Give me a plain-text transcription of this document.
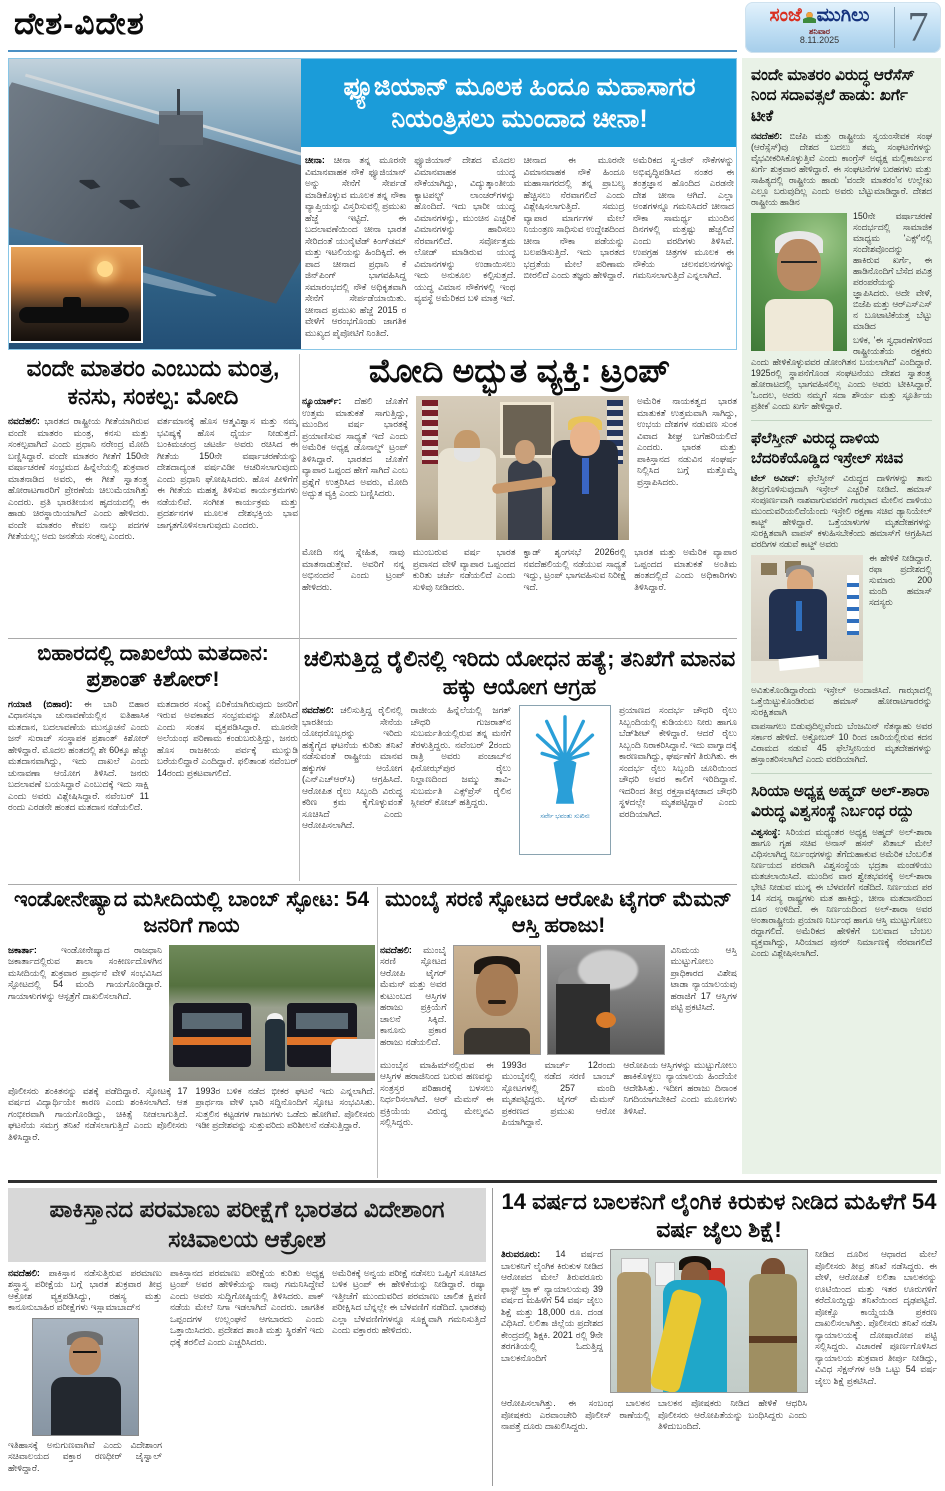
ದೇಶ-ವಿದೇಶ	ಸಂಜೆ ಮುಗಿಲು
ಶನಿವಾರ
8.11.2025	7
ಫ್ಯೂಜಿಯಾನ್ ಮೂಲಕ ಹಿಂದೂ ಮಹಾಸಾಗರ ನಿಯಂತ್ರಿಸಲು ಮುಂದಾದ ಚೀನಾ!
ಚೀನಾ: ಚೀನಾ ತನ್ನ ಮೂರನೇ ವಿಮಾನವಾಹಕ ನೌಕೆ ಫ್ಯೂಜಿಯಾನ್ ಅನ್ನು ಸೇನೆಗೆ ಸೇರ್ಪಡೆ ಮಾಡಿಕೊಳ್ಳುವ ಮೂಲಕ ತನ್ನ ನೌಕಾ ವ್ಯಾಪ್ತಿಯನ್ನು ವಿಸ್ತರಿಸುವಲ್ಲಿ ಪ್ರಮುಖ ಹೆಜ್ಜೆ ಇಟ್ಟಿದೆ. ಈ ಬದಲಾವಣೆಯಿಂದ ಚೀನಾ ಭಾರತ ಸೇರಿದಂತೆ ಯುನೈಟೆಡ್ ಕಿಂಗ್‌ಡಮ್ ಮತ್ತು ಇಟಲಿಯನ್ನು ಹಿಂದಿಕ್ಕಿದೆ. ಈ ಪಾದ ಚೀನಾದ ಪ್ರಧಾನಿ ಕೆ ಜಿನ್‌ಪಿಂಗ್ ಭಾಗವಹಿಸಿದ್ದ ಸಮಾರಂಭದಲ್ಲಿ ನೌಕೆ ಅಧಿಕೃತವಾಗಿ ಸೇನೆಗೆ ಸೇರ್ಪಡೆಯಾಯಿತು. ಚೀನಾದ ಪ್ರಮುಖ ಹೆಜ್ಜೆ 2015 ರ ವೇಳೆಗೆ ಆರಂಭಗೊಂಡು ಜಾಗತಿಕ ಮುಖ್ಯದ ಪೈಪೋಟಿಗೆ ನಿಂತಿದೆ.
ಫ್ಯೂಜಿಯಾನ್ ದೇಶದ ಮೊದಲ ವಿಮಾನವಾಹಕ ಯುದ್ಧ ನೌಕೆಯಾಗಿದ್ದು, ವಿದ್ಯುತ್ಕಾಂತೀಯ ಕ್ಯಾಟಪಲ್ಟ್ ಲಾಂಚರ್‌ಗಳನ್ನು ಹೊಂದಿದೆ. ಇದು ಭಾರೀ ಯುದ್ಧ ವಿಮಾನಗಳನ್ನು, ಮುಂಚಿನ ಎಚ್ಚರಿಕೆ ವಿಮಾನಗಳನ್ನು ಹಾರಿಸಲು ನೆರವಾಗಲಿದೆ. ಸರ್ವೋತ್ತಮ ಲೋಡ್ ಮಾಡಿರುವ ಯುದ್ಧ ವಿಮಾನಗಳನ್ನು ಉಡಾಯಿಸಲು ಇದು ಅನುಕೂಲ ಕಲ್ಪಿಸುತ್ತದೆ. ಯುದ್ಧ ವಿಮಾನ ನೌಕೆಗಳಲ್ಲಿ ಇಂಥ ವ್ಯವಸ್ಥೆ ಅಮೆರಿಕದ ಬಳಿ ಮಾತ್ರ ಇದೆ.
ಚೀನಾದ ಈ ಮೂರನೇ ವಿಮಾನವಾಹಕ ನೌಕೆ ಹಿಂದೂ ಮಹಾಸಾಗರದಲ್ಲಿ ತನ್ನ ಪ್ರಾಬಲ್ಯ ಹೆಚ್ಚಿಸಲು ನೆರವಾಗಲಿದೆ ಎಂದು ವಿಶ್ಲೇಷಿಸಲಾಗುತ್ತಿದೆ. ಸಮುದ್ರ ವ್ಯಾಪಾರ ಮಾರ್ಗಗಳ ಮೇಲೆ ನಿಯಂತ್ರಣ ಸಾಧಿಸುವ ಉದ್ದೇಶದಿಂದ ಚೀನಾ ನೌಕಾ ಪಡೆಯನ್ನು ಬಲಪಡಿಸುತ್ತಿದೆ. ಇದು ಭಾರತದ ಭದ್ರತೆಯ ಮೇಲೆ ಪರಿಣಾಮ ಬೀರಲಿದೆ ಎಂದು ತಜ್ಞರು ಹೇಳಿದ್ದಾರೆ.
ಅಮೆರಿಕದ ಸ್ವ-ಜಿನ್ ನೌಕೆಗಳನ್ನು ಅಭಿವೃದ್ಧಿಪಡಿಸಿದ ನಂತರ ಈ ತಂತ್ರಜ್ಞಾನ ಹೊಂದಿದ ಎರಡನೇ ದೇಶ ಚೀನಾ ಆಗಿದೆ. ಎಲ್ಲಾ ಅಂಶಗಳನ್ನೂ ಗಮನಿಸಿದರೆ ಚೀನಾದ ನೌಕಾ ಸಾಮರ್ಥ್ಯ ಮುಂದಿನ ದಿನಗಳಲ್ಲಿ ಮತ್ತಷ್ಟು ಹೆಚ್ಚಲಿದೆ ಎಂದು ವರದಿಗಳು ತಿಳಿಸಿವೆ. ಉಪಗ್ರಹ ಚಿತ್ರಗಳ ಮೂಲಕ ಈ ನೌಕೆಯ ಚಲನವಲನಗಳನ್ನು ಗಮನಿಸಲಾಗುತ್ತಿದೆ ಎನ್ನಲಾಗಿದೆ.

ವಂದೇ ಮಾತರಂ ವಿರುದ್ಧ ಆರೆಸೆಸ್ ನಿಂದ ಸದಾವತ್ಸಲೆ ಹಾಡು: ಖರ್ಗೆ ಟೀಕೆ

ನವದೆಹಲಿ: ಬಿಜೆಪಿ ಮತ್ತು ರಾಷ್ಟ್ರೀಯ ಸ್ವಯಂಸೇವಕ ಸಂಘ (ಆರೆಸ್ಸೆಸ್)ವು ದೇಶದ ಬದಲು ತಮ್ಮ ಸಂಘಟನೆಗಳನ್ನು ವೈಭವೀಕರಿಸಿಕೊಳ್ಳುತ್ತಿವೆ ಎಂದು ಕಾಂಗ್ರೆಸ್ ಅಧ್ಯಕ್ಷ ಮಲ್ಲಿಕಾರ್ಜುನ ಖರ್ಗೆ ಶುಕ್ರವಾರ ಹೇಳಿದ್ದಾರೆ. ಈ ಸಂಘಟನೆಗಳ ಬರಹಗಳು ಮತ್ತು ಸಾಹಿತ್ಯದಲ್ಲಿ ರಾಷ್ಟ್ರೀಯ ಹಾಡು 'ವಂದೇ ಮಾತರಂ'ನ ಉಲ್ಲೇಖ ಎಲ್ಲೂ ಬರುವುದಿಲ್ಲ ಎಂದು ಅವರು ಬೆಟ್ಟುಮಾಡಿದ್ದಾರೆ. ದೇಶದ ರಾಷ್ಟ್ರೀಯ ಹಾಡಿನ

150ನೇ ವರ್ಷಾಚರಣೆ ಸಂದರ್ಭದಲ್ಲಿ ಸಾಮಾಜಿಕ ಮಾಧ್ಯಮ 'ಎಕ್ಸ್'ನಲ್ಲಿ ಸಂದೇಶವೊಂದನ್ನು ಹಾಕಿರುವ ಖರ್ಗೆ, ಈ ಹಾಡಿನೊಂದಿಗೆ ಬೆಸೆದ ಪವಿತ್ರ ಪರಂಪರೆಯನ್ನು ಜ್ಞಾಪಿಸಿದರು. ಅದೇ ವೇಳೆ, ಬಿಜೆಪಿ ಮತ್ತು ಆರ್‌ಎಸ್‌ಎಸ್ ನ ಬೂಟಾಟಿಕೆಯತ್ತ ಬೆಟ್ಟು ಮಾಡಿದ

ಬಳಿಕ, 'ಈ ಸ್ವಧಾರಣೆಗಳಿಂದ ರಾಷ್ಟ್ರೀಯತೆಯ ರಕ್ಷಕರು ಎಂದು ಹೇಳಿಕೊಳ್ಳುವವರ ಡೋಂಗಿತನ ಬಯಲಾಗಿದೆ' ಎಂದಿದ್ದಾರೆ. 1925ರಲ್ಲಿ ಸ್ಥಾಪನೆಗೊಂಡ ಸಂಘಟನೆಯು ದೇಶದ ಸ್ವಾತಂತ್ರ್ಯ ಹೋರಾಟದಲ್ಲಿ ಭಾಗವಹಿಸಲಿಲ್ಲ ಎಂದು ಅವರು ಟೀಕಿಸಿದ್ದಾರೆ. 'ಒಂದಲ, ಅದರು ನಮ್ಮಗೆ ಸದಾ ಶೌರ್ಯ ಮತ್ತು ಸ್ಫೂರ್ತಿಯ ಪ್ರತೀಕ' ಎಂದು ಖರ್ಗೆ ಹೇಳಿದ್ದಾರೆ.

ಫೆಲೆಸ್ತೀನ್ ವಿರುದ್ಧ ದಾಳಿಯ ಬೆದರಿಕೆಯೊಡ್ಡಿದ ಇಸ್ರೇಲ್ ಸಚಿವ

ಟೆಲ್ ಅವೀವ್: ಫೆಲೆಸ್ತೀನ್ ವಿರುದ್ಧದ ದಾಳಿಗಳನ್ನು ತಾನು ತೀವ್ರಗೊಳಿಸುವುದಾಗಿ ಇಸ್ರೇಲ್ ಎಚ್ಚರಿಕೆ ನೀಡಿದೆ. ಹಮಾಸ್ ಸಂಪೂರ್ಣವಾಗಿ ನಾಶವಾಗುವವರೆಗೆ ಗಾಝಾದ ಮೇಲಿನ ದಾಳಿಯು ಮುಂದುವರಿಯಲಿದೆಯೆಂದು ಇಸ್ರೇಲಿ ರಕ್ಷಣಾ ಸಚಿವ ಡ್ಯಾನಿಯೇಲ್ ಕಾಟ್ಜ್ ಹೇಳಿದ್ದಾರೆ. ಒತ್ತೆಯಾಳುಗಳ ಮೃತದೇಹಗಳನ್ನು ಸುರಕ್ಷಿತವಾಗಿ ವಾಪಸ್ ಕಳುಹಿಸಬೇಕೆಂದು ಹಮಾಸ್‌ಗೆ ಆಗ್ರಹಿಸಿದ ವರದಿಗಳ ನಡುವೆ ಕಾಟ್ಜ್ ಅವರು

ಈ ಹೇಳಿಕೆ ನೀಡಿದ್ದಾರೆ. ರಫಾ ಪ್ರದೇಶದಲ್ಲಿ ಸುಮಾರು 200 ಮಂದಿ ಹಮಾಸ್ ಸದಸ್ಯರು ಅವಿತುಕೊಂಡಿದ್ದಾರೆಂದು ಇಸ್ರೇಲ್ ಅಂದಾಜಿಸಿದೆ. ಗಾಝಾದಲ್ಲಿ ಒತ್ತೆಯಿಟ್ಟುಕೊಂಡಿರುವ ಹಮಾಸ್ ಹೋರಾಟಗಾರರನ್ನು ಸುರಕ್ಷಿತವಾಗಿ

ವಾಪಸಾಗಲು ಬಿಡುವುದಿಲ್ಲವೆಂದು ಬೆಂಜಮಿನ್ ನೆತನ್ಯಾಹು ಅವರ ಸರ್ಕಾರ ಹೇಳಿದೆ. ಅಕ್ಟೋಬರ್ 10 ರಿಂದ ಜಾರಿಯಲ್ಲಿರುವ ಕದನ ವಿರಾಮದ ನಡುವೆ 45 ಫೆಲೆಸ್ತೀನಿಯರ ಮೃತದೇಹಗಳನ್ನು ಹಸ್ತಾಂತರಿಸಲಾಗಿದೆ ಎಂದು ವರದಿಯಾಗಿದೆ.

ಸಿರಿಯಾ ಅಧ್ಯಕ್ಷ ಅಹ್ಮದ್ ಅಲ್-ಶಾರಾ ವಿರುದ್ಧ ವಿಶ್ವಸಂಸ್ಥೆ ನಿರ್ಬಂಧ ರದ್ದು

ವಿಶ್ವಸಂಸ್ಥೆ: ಸಿರಿಯದ ಮಧ್ಯಂತರ ಅಧ್ಯಕ್ಷ ಅಹ್ಮದ್ ಅಲ್-ಶಾರಾ ಹಾಗೂ ಗೃಹ ಸಚಿವ ಅನಾಸ್ ಹಸನ್ ಖಿತಾಬ್ ಮೇಲೆ ವಿಧಿಸಲಾಗಿದ್ದ ನಿರ್ಬಂಧಗಳನ್ನು ತೆಗೆದುಹಾಕುವ ಅಮೆರಿಕ ಬೆಂಬಲಿತ ನಿರ್ಣಯದ ಪರವಾಗಿ ವಿಶ್ವಸಂಸ್ಥೆಯ ಭದ್ರತಾ ಮಂಡಳಿಯು ಮತಚಲಾಯಿಸಿದೆ. ಮುಂದಿನ ವಾರ ಶ್ವೇತಭವನಕ್ಕೆ ಅಲ್-ಶಾರಾ ಭೇಟಿ ನೀಡುವ ಮುನ್ನ ಈ ಬೆಳವಣಿಗೆ ನಡೆದಿದೆ. ನಿರ್ಣಯದ ಪರ 14 ಸದಸ್ಯ ರಾಷ್ಟ್ರಗಳು ಮತ ಹಾಕಿದ್ದು, ಚೀನಾ ಮತದಾನದಿಂದ ದೂರ ಉಳಿದಿದೆ. ಈ ನಿರ್ಣಯದಿಂದ ಅಲ್-ಶಾರಾ ಅವರ ಅಂತಾರಾಷ್ಟ್ರೀಯ ಪ್ರಯಾಣ ನಿರ್ಬಂಧ ಹಾಗೂ ಆಸ್ತಿ ಮುಟ್ಟುಗೋಲು ರದ್ದಾಗಲಿದೆ. ಅಮೆರಿಕದ ಹೇಳಿಕೆಗೆ ಬಲವಾದ ಬೆಂಬಲ ವ್ಯಕ್ತವಾಗಿದ್ದು, ಸಿರಿಯಾದ ಪುನರ್ ನಿರ್ಮಾಣಕ್ಕೆ ನೆರವಾಗಲಿದೆ ಎಂದು ವಿಶ್ಲೇಷಿಸಲಾಗಿದೆ.

ವಂದೇ ಮಾತರಂ ಎಂಬುದು ಮಂತ್ರ, ಕನಸು, ಸಂಕಲ್ಪ: ಮೋದಿ
ನವದೆಹಲಿ: ಭಾರತದ ರಾಷ್ಟ್ರೀಯ ಗೀತೆಯಾಗಿರುವ ವಂದೇ ಮಾತರಂ ಮಂತ್ರ, ಕನಸು ಮತ್ತು ಸಂಕಲ್ಪವಾಗಿದೆ ಎಂದು ಪ್ರಧಾನಿ ನರೇಂದ್ರ ಮೋದಿ ಬಣ್ಣಿಸಿದ್ದಾರೆ. ವಂದೇ ಮಾತರಂ ಗೀತೆಗೆ 150ನೇ ವರ್ಷಾಚರಣೆ ಸಂಭ್ರಮದ ಹಿನ್ನೆಲೆಯಲ್ಲಿ ಶುಕ್ರವಾರ ಮಾತನಾಡಿದ ಅವರು, ಈ ಗೀತೆ ಸ್ವಾತಂತ್ರ್ಯ ಹೋರಾಟಗಾರರಿಗೆ ಪ್ರೇರಣೆಯ ಚಿಲುಮೆಯಾಗಿತ್ತು ಎಂದರು. ಪ್ರತಿ ಭಾರತೀಯನ ಹೃದಯದಲ್ಲಿ ಈ ಹಾಡು ಚಿರಸ್ಥಾಯಿಯಾಗಿದೆ ಎಂದು ಹೇಳಿದರು. ವಂದೇ ಮಾತರಂ ಕೇವಲ ನಾಲ್ಕು ಪದಗಳ ಗೀತೆಯಲ್ಲ; ಅದು ಜನತೆಯ ಸಂಕಲ್ಪ ಎಂದರು.
ವರ್ತಮಾನಕ್ಕೆ ಹೊಸ ಆತ್ಮವಿಶ್ವಾಸ ಮತ್ತು ನಮ್ಮ ಭವಿಷ್ಯಕ್ಕೆ ಹೊಸ ಧೈರ್ಯ ನೀಡುತ್ತದೆ. ಬಂಕಿಮಚಂದ್ರ ಚಟರ್ಜಿ ಅವರು ರಚಿಸಿದ ಈ ಗೀತೆಯ 150ನೇ ವರ್ಷಾಚರಣೆಯನ್ನು ದೇಶದಾದ್ಯಂತ ವರ್ಷವಿಡೀ ಆಚರಿಸಲಾಗುವುದು ಎಂದು ಪ್ರಧಾನಿ ಘೋಷಿಸಿದರು. ಹೊಸ ಪೀಳಿಗೆಗೆ ಈ ಗೀತೆಯ ಮಹತ್ವ ತಿಳಿಸುವ ಕಾರ್ಯಕ್ರಮಗಳು ನಡೆಯಲಿವೆ. ಸಂಗೀತ ಕಾರ್ಯಕ್ರಮ ಮತ್ತು ಪ್ರದರ್ಶನಗಳ ಮೂಲಕ ದೇಶಭಕ್ತಿಯ ಭಾವ ಜಾಗೃತಗೊಳಿಸಲಾಗುವುದು ಎಂದರು.
ಮೋದಿ ಅದ್ಭುತ ವ್ಯಕ್ತಿ: ಟ್ರಂಪ್
ನ್ಯೂಯಾರ್ಕ್: ದೆಹಲಿ ಜೊತೆಗೆ ಉತ್ತಮ ಮಾತುಕತೆ ಸಾಗುತ್ತಿದ್ದು, ಮುಂದಿನ ವರ್ಷ ಭಾರತಕ್ಕೆ ಪ್ರಯಾಣಿಸುವ ಸಾಧ್ಯತೆ ಇದೆ ಎಂದು ಅಮೆರಿಕ ಅಧ್ಯಕ್ಷ ಡೊನಾಲ್ಡ್ ಟ್ರಂಪ್ ತಿಳಿಸಿದ್ದಾರೆ. ಭಾರತದ ಜೊತೆಗೆ ವ್ಯಾಪಾರ ಒಪ್ಪಂದ ಹೇಗೆ ಸಾಗಿದೆ ಎಂಬ ಪ್ರಶ್ನೆಗೆ ಉತ್ತರಿಸಿದ ಅವರು, ಮೋದಿ ಅದ್ಭುತ ವ್ಯಕ್ತಿ ಎಂದು ಬಣ್ಣಿಸಿದರು.
ಅಮೆರಿಕ ನಾಯಕತ್ವದ ಭಾರತ ಮಾತುಕತೆ ಉತ್ತಮವಾಗಿ ಸಾಗಿದ್ದು, ಉಭಯ ದೇಶಗಳ ನಡುವಣ ಸುಂಕ ವಿವಾದ ಶೀಘ್ರ ಬಗೆಹರಿಯಲಿದೆ ಎಂದರು. ಭಾರತ ಮತ್ತು ಪಾಕಿಸ್ತಾನದ ನಡುವಿನ ಸಂಘರ್ಷ ನಿಲ್ಲಿಸಿದ ಬಗ್ಗೆ ಮತ್ತೊಮ್ಮೆ ಪ್ರಸ್ತಾಪಿಸಿದರು.
ಮೋದಿ ನನ್ನ ಸ್ನೇಹಿತ, ನಾವು ಮಾತನಾಡುತ್ತೇವೆ. ಅವರಿಗೆ ನನ್ನ ಅಭಿನಂದನೆ ಎಂದು ಟ್ರಂಪ್ ಹೇಳಿದರು.
ಮುಂಬರುವ ವರ್ಷ ಭಾರತ ಪ್ರವಾಸದ ವೇಳೆ ವ್ಯಾಪಾರ ಒಪ್ಪಂದದ ಕುರಿತು ಚರ್ಚೆ ನಡೆಯಲಿದೆ ಎಂದು ಸುಳಿವು ನೀಡಿದರು.
ಕ್ವಾಡ್ ಶೃಂಗಸಭೆ 2026ರಲ್ಲಿ ನವದೆಹಲಿಯಲ್ಲಿ ನಡೆಯುವ ಸಾಧ್ಯತೆ ಇದ್ದು, ಟ್ರಂಪ್ ಭಾಗವಹಿಸುವ ನಿರೀಕ್ಷೆ ಇದೆ.
ಭಾರತ ಮತ್ತು ಅಮೆರಿಕ ವ್ಯಾಪಾರ ಒಪ್ಪಂದದ ಮಾತುಕತೆ ಅಂತಿಮ ಹಂತದಲ್ಲಿದೆ ಎಂದು ಅಧಿಕಾರಿಗಳು ತಿಳಿಸಿದ್ದಾರೆ.
ಬಿಹಾರದಲ್ಲಿ ದಾಖಲೆಯ ಮತದಾನ: ಪ್ರಶಾಂತ್ ಕಿಶೋರ್!
ಗಯಾಜಿ (ಬಿಹಾರ): ಈ ಬಾರಿ ಬಿಹಾರ ವಿಧಾನಸಭಾ ಚುನಾವಣೆಯಲ್ಲಿನ ಐತಿಹಾಸಿಕ ಮತದಾನ, ಬದಲಾವಣೆಯ ಮುನ್ಸೂಚನೆ ಎಂದು ಜನ್ ಸುರಾಜ್ ಸಂಸ್ಥಾಪಕ ಪ್ರಶಾಂತ್ ಕಿಶೋರ್ ಹೇಳಿದ್ದಾರೆ. ಮೊದಲ ಹಂತದಲ್ಲಿ ಶೇ 60ಕ್ಕೂ ಹೆಚ್ಚು ಮತದಾನವಾಗಿದ್ದು, ಇದು ದಾಖಲೆ ಎಂದು ಚುನಾವಣಾ ಆಯೋಗ ತಿಳಿಸಿದೆ. ಜನರು ಬದಲಾವಣೆ ಬಯಸಿದ್ದಾರೆ ಎಂಬುದಕ್ಕೆ ಇದು ಸಾಕ್ಷಿ ಎಂದು ಅವರು ವಿಶ್ಲೇಷಿಸಿದ್ದಾರೆ. ನವೆಂಬರ್ 11 ರಂದು ಎರಡನೇ ಹಂತದ ಮತದಾನ ನಡೆಯಲಿದೆ.
ಮತದಾರರ ಸಂಖ್ಯೆ ಏರಿಕೆಯಾಗಿರುವುದು ಜನರಿಗೆ ಇರುವ ಅವಕಾಶದ ಸಂಭ್ರಮವನ್ನು ತೋರಿಸಿದೆ ಎಂದು ಸಂತಸ ವ್ಯಕ್ತಪಡಿಸಿದ್ದಾರೆ. ಮೂರನೇ ಅಲೆಯಂಥ ಪರಿಣಾಮ ಕಂಡುಬರುತ್ತಿದ್ದು, ಜನರು ಹೊಸ ರಾಜಕೀಯ ಪರ್ವಕ್ಕೆ ಮುನ್ನುಡಿ ಬರೆಯಲಿದ್ದಾರೆ ಎಂದಿದ್ದಾರೆ. ಫಲಿತಾಂಶ ನವೆಂಬರ್ 14ರಂದು ಪ್ರಕಟವಾಗಲಿದೆ.
ಚಲಿಸುತ್ತಿದ್ದ ರೈಲಿನಲ್ಲಿ ಇರಿದು ಯೋಧನ ಹತ್ಯೆ; ತನಿಖೆಗೆ ಮಾನವ ಹಕ್ಕು ಆಯೋಗ ಆಗ್ರಹ
ನವದೆಹಲಿ: ಚಲಿಸುತ್ತಿದ್ದ ರೈಲಿನಲ್ಲಿ ಭಾರತೀಯ ಸೇನೆಯ ಯೋಧರೊಬ್ಬರನ್ನು ಇರಿದು ಹತ್ಯೆಗೈದ ಘಟನೆಯ ಕುರಿತು ತನಿಖೆ ನಡೆಸುವಂತೆ ರಾಷ್ಟ್ರೀಯ ಮಾನವ ಹಕ್ಕುಗಳ ಆಯೋಗ (ಎನ್‌ಎಚ್‌ಆರ್‌ಸಿ) ಆಗ್ರಹಿಸಿದೆ. ಆರೋಪಿತ ರೈಲು ಸಿಬ್ಬಂದಿ ವಿರುದ್ಧ ಕಠಿಣ ಕ್ರಮ ಕೈಗೊಳ್ಳುವಂತೆ ಸೂಚಿಸಿದೆ ಎಂದು ಆರೋಪಿಸಲಾಗಿದೆ.
ರಾಜೀಯ ಹಿನ್ನೆಲೆಯಲ್ಲಿ ಜಗತ್ ಚೌಧರಿ ಗುಜರಾತ್‌ನ ಸುಬರ್ಮತಿಯಲ್ಲಿರುವ ತನ್ನ ಮನೆಗೆ ತೆರಳುತ್ತಿದ್ದರು. ನವೆಂಬರ್ 2ರಂದು ರಾತ್ರಿ ಅವರು ಪಂಜಾಬ್‌ನ ಫಿರೋಝ್‌ಪುರ ರೈಲು ನಿಲ್ದಾಣದಿಂದ ಜಮ್ಮು ತಾವಿ-ಸುಬರ್ಮತಿ ಎಕ್ಸ್‌ಪ್ರೆಸ್ ರೈಲಿನ ಸ್ಲೀಪರ್ ಕೋಚ್ ಹತ್ತಿದ್ದರು.
ಸರ್ವೇ ಭವಂತು ಸುಖಿನಃ
ಪ್ರಯಾಣದ ಸಂದರ್ಭ ಚೌಧರಿ ರೈಲು ಸಿಬ್ಬಂದಿಯಲ್ಲಿ ಕುಡಿಯಲು ನೀರು ಹಾಗೂ ಬೆಡ್‌ಶೀಟ್ ಕೇಳಿದ್ದಾರೆ. ಆದರೆ ರೈಲು ಸಿಬ್ಬಂದಿ ನಿರಾಕರಿಸಿದ್ದಾನೆ. ಇದು ವಾಗ್ವಾದಕ್ಕೆ ಕಾರಣವಾಗಿದ್ದು, ಘರ್ಷಣೆಗೆ ತಿರುಗಿತು. ಈ ಸಂದರ್ಭ ರೈಲು ಸಿಬ್ಬಂದಿ ಚೂರಿಯಿಂದ ಚೌಧರಿ ಅವರ ಕಾಲಿಗೆ ಇರಿದಿದ್ದಾನೆ. ಇದರಿಂದ ತೀವ್ರ ರಕ್ತಸ್ರಾವಕ್ಕೀಡಾದ ಚೌಧರಿ ಸ್ಥಳದಲ್ಲೇ ಮೃತಪಟ್ಟಿದ್ದಾರೆ ಎಂದು ವರದಿಯಾಗಿದೆ.
ಇಂಡೋನೇಷ್ಯಾದ ಮಸೀದಿಯಲ್ಲಿ ಬಾಂಬ್ ಸ್ಫೋಟ: 54 ಜನರಿಗೆ ಗಾಯ
ಜಕಾರ್ತಾ:	ಇಂಡೋನೇಷ್ಯಾದ ರಾಜಧಾನಿ ಜಕಾರ್ತಾದಲ್ಲಿರುವ ಶಾಲಾ ಸಂಕೀರ್ಣದೊಳಗಿನ ಮಸೀದಿಯಲ್ಲಿ ಶುಕ್ರವಾರ ಪ್ರಾರ್ಥನೆ ವೇಳೆ ಸಂಭವಿಸಿದ ಸ್ಫೋಟದಲ್ಲಿ 54 ಮಂದಿ ಗಾಯಗೊಂಡಿದ್ದಾರೆ. ಗಾಯಾಳುಗಳನ್ನು ಆಸ್ಪತ್ರೆಗೆ ದಾಖಲಿಸಲಾಗಿದೆ.
ಪೊಲೀಸರು ಶಂಕಿತನನ್ನು ವಶಕ್ಕೆ ಪಡೆದಿದ್ದಾರೆ. ಸ್ಫೋಟಕ್ಕೆ 17 ವರ್ಷದ ವಿದ್ಯಾರ್ಥಿಯೇ ಕಾರಣ ಎಂದು ಶಂಕಿಸಲಾಗಿದೆ. ಆತ ಗಂಭೀರವಾಗಿ ಗಾಯಗೊಂಡಿದ್ದು, ಚಿಕಿತ್ಸೆ ನೀಡಲಾಗುತ್ತಿದೆ. ಘಟನೆಯ ಸಮಗ್ರ ತನಿಖೆ ನಡೆಸಲಾಗುತ್ತಿದೆ ಎಂದು ಪೊಲೀಸರು ತಿಳಿಸಿದ್ದಾರೆ.
1993ರ ಬಳಿಕ ನಡೆದ ಭೀಕರ ಘಟನೆ ಇದು ಎನ್ನಲಾಗಿದೆ. ಪ್ರಾರ್ಥನಾ ವೇಳೆ ಭಾರಿ ಸದ್ದಿನೊಂದಿಗೆ ಸ್ಫೋಟ ಸಂಭವಿಸಿತು. ಸುತ್ತಲಿನ ಕಟ್ಟಡಗಳ ಗಾಜುಗಳು ಒಡೆದು ಹೋಗಿವೆ. ಪೊಲೀಸರು ಇಡೀ ಪ್ರದೇಶವನ್ನು ಸುತ್ತುವರಿದು ಪರಿಶೀಲನೆ ನಡೆಸುತ್ತಿದ್ದಾರೆ.
ಮುಂಬೈ ಸರಣಿ ಸ್ಫೋಟದ ಆರೋಪಿ ಟೈಗರ್ ಮೆಮನ್ ಆಸ್ತಿ ಹರಾಜು!
ನವದೆಹಲಿ: ಮುಂಬೈ ಸರಣಿ ಸ್ಫೋಟದ ಆರೋಪಿ ಟೈಗರ್ ಮೆಮನ್ ಮತ್ತು ಅವರ ಕುಟುಂಬದ ಆಸ್ತಿಗಳ ಹರಾಜು ಪ್ರಕ್ರಿಯೆಗೆ ಚಾಲನೆ ಸಿಕ್ಕಿದೆ. ಕಾನೂನು ಪ್ರಕಾರ ಹರಾಜು ನಡೆಯಲಿದೆ.
ವಿನಿಮಯ ಆಸ್ತಿ ಮುಟ್ಟುಗೋಲು ಪ್ರಾಧಿಕಾರದ ವಿಶೇಷ ಟಾಡಾ ನ್ಯಾಯಾಲಯವು ಹರಾಜಿಗೆ 17 ಆಸ್ತಿಗಳ ಪಟ್ಟಿ ಪ್ರಕಟಿಸಿದೆ.
ಮುಂಬೈನ ಮಾಹಿಮ್‌ನಲ್ಲಿರುವ ಈ ಆಸ್ತಿಗಳ ಹರಾಜಿನಿಂದ ಬರುವ ಹಣವನ್ನು ಸಂತ್ರಸ್ತರ ಪರಿಹಾರಕ್ಕೆ ಬಳಸಲು ನಿರ್ಧರಿಸಲಾಗಿದೆ. ಆರ್ ಮೆಮನ್ ಈ ಪ್ರಕ್ರಿಯೆಯ ವಿರುದ್ಧ ಮೇಲ್ಮನವಿ ಸಲ್ಲಿಸಿದ್ದರು.
1993ರ ಮಾರ್ಚ್ 12ರಂದು ಮುಂಬೈನಲ್ಲಿ ನಡೆದ ಸರಣಿ ಬಾಂಬ್ ಸ್ಫೋಟಗಳಲ್ಲಿ 257 ಮಂದಿ ಮೃತಪಟ್ಟಿದ್ದರು. ಟೈಗರ್ ಮೆಮನ್ ಪ್ರಕರಣದ ಪ್ರಮುಖ ಆರೋ ಪಿಯಾಗಿದ್ದಾನೆ.
ಆರೋಪಿಯ ಆಸ್ತಿಗಳನ್ನು ಮುಟ್ಟುಗೋಲು ಹಾಕಿಕೊಳ್ಳಲು ನ್ಯಾಯಾಲಯ ಹಿಂದೆಯೇ ಆದೇಶಿಸಿತ್ತು. ಇದೀಗ ಹರಾಜು ದಿನಾಂಕ ನಿಗದಿಯಾಗಬೇಕಿದೆ ಎಂದು ಮೂಲಗಳು ತಿಳಿಸಿವೆ.
ಪಾಕಿಸ್ತಾನದ ಪರಮಾಣು ಪರೀಕ್ಷೆಗೆ ಭಾರತದ ವಿದೇಶಾಂಗ ಸಚಿವಾಲಯ ಆಕ್ರೋಶ
ನವದೆಹಲಿ: ಪಾಕಿಸ್ತಾನ ನಡೆಸುತ್ತಿರುವ ಪರಮಾಣು ಶಸ್ತ್ರಾಸ್ತ್ರ ಪರೀಕ್ಷೆಯ ಬಗ್ಗೆ ಭಾರತ ಶುಕ್ರವಾರ ತೀವ್ರ ಆಕ್ರೋಶ ವ್ಯಕ್ತಪಡಿಸಿದ್ದು, ರಹಸ್ಯ ಮತ್ತು ಕಾನೂನುಬಾಹಿರ ಪರೀಕ್ಷೆಗಳು ಇಸ್ಲಾಮಾಬಾದ್‌ನ
ಇತಿಹಾಸಕ್ಕೆ ಅನುಗುಣವಾಗಿವೆ ಎಂದು ವಿದೇಶಾಂಗ ಸಚಿವಾಲಯದ ವಕ್ತಾರ ರಣಧೀರ್ ಜೈಸ್ವಾಲ್ ಹೇಳಿದ್ದಾರೆ.
ಪಾಕಿಸ್ತಾನದ ಪರಮಾಣು ಪರೀಕ್ಷೆಯ ಕುರಿತು ಅಧ್ಯಕ್ಷ ಟ್ರಂಪ್ ಅವರ ಹೇಳಿಕೆಯನ್ನು ನಾವು ಗಮನಿಸಿದ್ದೇವೆ ಎಂದು ಅವರು ಸುದ್ದಿಗೋಷ್ಠಿಯಲ್ಲಿ ತಿಳಿಸಿದರು. ಪಾಕ್ ನಡೆಯ ಮೇಲೆ ನಿಗಾ ಇಡಲಾಗಿದೆ ಎಂದರು. ಜಾಗತಿಕ ಒಪ್ಪಂದಗಳ ಉಲ್ಲಂಘನೆ ಆಗಬಾರದು ಎಂದು ಒತ್ತಾಯಿಸಿದರು. ಪ್ರದೇಶದ ಶಾಂತಿ ಮತ್ತು ಸ್ಥಿರತೆಗೆ ಇದು ಧಕ್ಕೆ ತರಲಿದೆ ಎಂದು ಎಚ್ಚರಿಸಿದರು.
ಅಮೆರಿಕಕ್ಕೆ ಅನ್ವಯ ಪರೀಕ್ಷೆ ನಡೆಸಲು ಒಪ್ಪಿಗೆ ಸೂಚಿಸಿದ ಬಳಿಕ ಟ್ರಂಪ್ ಈ ಹೇಳಿಕೆಯನ್ನು ನೀಡಿದ್ದಾರೆ. ರಷ್ಯಾ ಇತ್ತೀಚೆಗೆ ಮುಂದುವರಿದ ಪರಮಾಣು ಚಾಲಿತ ಕ್ಷಿಪಣಿ ಪರೀಕ್ಷಿಸಿದ ಬೆನ್ನಲ್ಲೇ ಈ ಬೆಳವಣಿಗೆ ನಡೆದಿದೆ. ಭಾರತವು ಎಲ್ಲಾ ಬೆಳವಣಿಗೆಗಳನ್ನೂ ಸೂಕ್ಷ್ಮವಾಗಿ ಗಮನಿಸುತ್ತಿದೆ ಎಂದು ವಕ್ತಾರರು ಹೇಳಿದರು.
14 ವರ್ಷದ ಬಾಲಕನಿಗೆ ಲೈಂಗಿಕ ಕಿರುಕುಳ ನೀಡಿದ ಮಹಿಳೆಗೆ 54 ವರ್ಷ ಜೈಲು ಶಿಕ್ಷೆ!
ತಿರುವರೂರು: 14 ವರ್ಷದ ಬಾಲಕನಿಗೆ ಲೈಂಗಿಕ ಕಿರುಕುಳ ನೀಡಿದ ಆರೋಪದ ಮೇಲೆ ತಿರುವರೂರು ಫಾಸ್ಟ್ ಟ್ರ್ಯಾಕ್ ನ್ಯಾಯಾಲಯವು 39 ವರ್ಷದ ಮಹಿಳೆಗೆ 54 ವರ್ಷ ಜೈಲು ಶಿಕ್ಷೆ ಮತ್ತು 18,000 ರೂ. ದಂಡ ವಿಧಿಸಿದೆ. ಲಲಿತಾ ಜಿಲ್ಲೆಯ ಪ್ರದೇಶದ ಕೇಂದ್ರದಲ್ಲಿ ಶಿಕ್ಷಕಿ. 2021 ರಲ್ಲಿ 9ನೇ ತರಗತಿಯಲ್ಲಿ ಓದುತ್ತಿದ್ದ ಬಾಲಕನೊಂದಿಗೆ
ನೀಡಿದ ದೂರಿನ ಆಧಾರದ ಮೇಲೆ ಪೊಲೀಸರು ತೀವ್ರ ತನಿಖೆ ನಡೆಸಿದ್ದರು. ಈ ವೇಳೆ, ಆರೋಪಿತೆ ಲಲಿತಾ ಬಾಲಕನನ್ನು ಊಟಿಯಿಂದ ಮತ್ತು ಇತರ ಊರುಗಳಿಗೆ ಕರೆದೊಯ್ದಿದ್ದು ತನಿಖೆಯಿಂದ ದೃಢಪಟ್ಟಿದೆ. ಪೋಕ್ಸೊ ಕಾಯ್ದೆಯಡಿ ಪ್ರಕರಣ ದಾಖಲಿಸಲಾಗಿತ್ತು. ಪೊಲೀಸರು ತನಿಖೆ ನಡೆಸಿ ನ್ಯಾಯಾಲಯಕ್ಕೆ ದೋಷಾರೋಪ ಪಟ್ಟಿ ಸಲ್ಲಿಸಿದ್ದರು. ವಿಚಾರಣೆ ಪೂರ್ಣಗೊಳಿಸಿದ ನ್ಯಾಯಾಲಯ ಶುಕ್ರವಾರ ತೀರ್ಪು ನೀಡಿದ್ದು, ವಿವಿಧ ಸೆಕ್ಷನ್‌ಗಳ ಅಡಿ ಒಟ್ಟು 54 ವರ್ಷ ಜೈಲು ಶಿಕ್ಷೆ ಪ್ರಕಟಿಸಿದೆ.
ಆರೋಪಿಸಲಾಗಿತ್ತು. ಈ ಸಂಬಂಧ ಬಾಲಕನ ಪೋಷಕರು ಎರವಾಂಚೇರಿ ಪೊಲೀಸ್ ಠಾಣೆಯಲ್ಲಿ ನಾಪತ್ತೆ ದೂರು ದಾಖಲಿಸಿದ್ದರು.
ಬಾಲಕನ ಪೋಷಕರು ನೀಡಿದ ಹೇಳಿಕೆ ಆಧರಿಸಿ ಪೊಲೀಸರು ಆರೋಪಿತೆಯನ್ನು ಬಂಧಿಸಿದ್ದರು ಎಂದು ತಿಳಿದುಬಂದಿದೆ.
